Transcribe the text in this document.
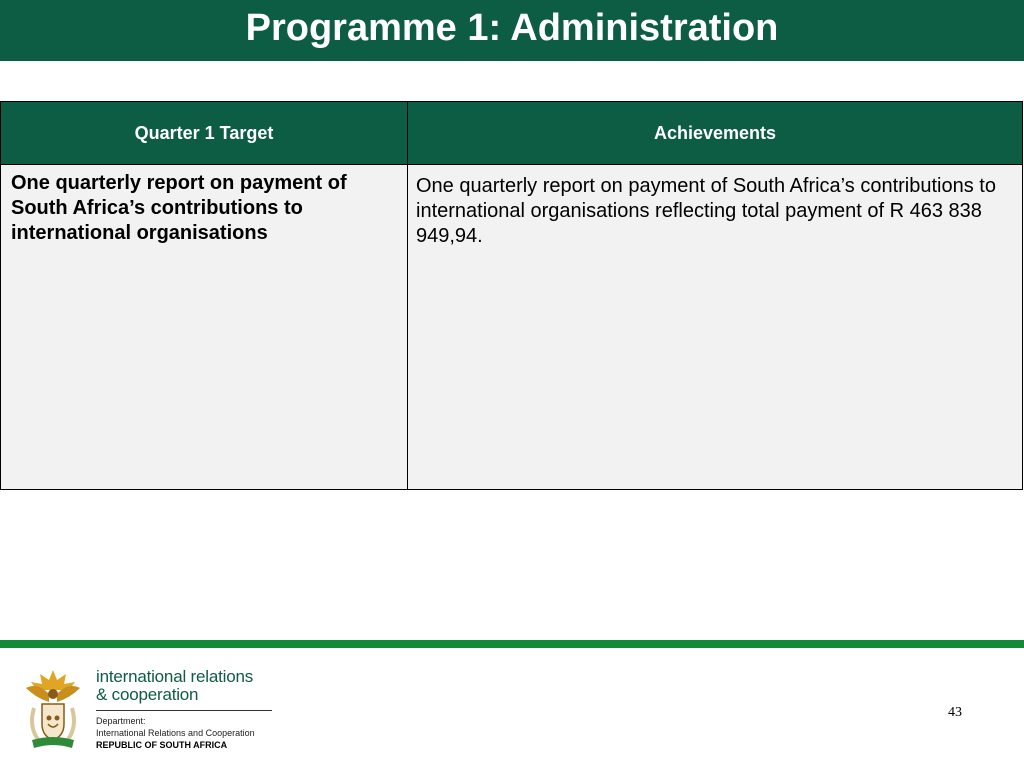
Programme 1: Administration
Quarter 1 Target	Achievements
One quarterly report on payment of South Africa’s contributions to international organisations	One quarterly report on payment of South Africa’s contributions to international organisations reflecting total payment of R 463 838 949,94.
international relations
& cooperation
Department:
International Relations and Cooperation
REPUBLIC OF SOUTH AFRICA
43
